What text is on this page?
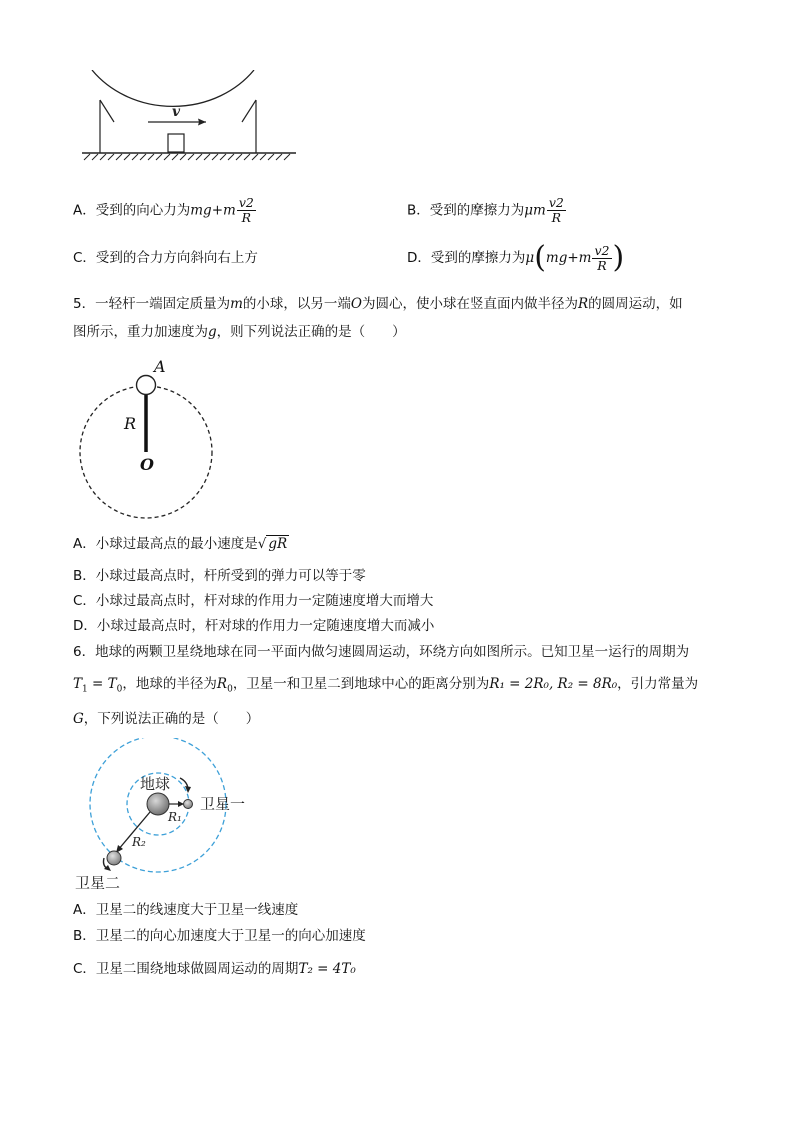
v
A．受到的向心力为$mg+m \frac{v2}{R}$	B．受到的摩擦力为μm $\frac{v2}{R}$
C．受到的合力方向斜向右上方	D．受到的摩擦力为$\mu(mg+m \frac{v2}{R}$ )
5．一轻杆一端固定质量为m的小球，以另一端O为圆心，使小球在竖直面内做半径为R的圆周运动，如
图所示，重力加速度为g，则下列说法正确的是（　　）
A
R
O
A．小球过最高点的最小速度是√ gR
B．小球过最高点时，杆所受到的弹力可以等于零
C．小球过最高点时，杆对球的作用力一定随速度增大而增大
D．小球过最高点时，杆对球的作用力一定随速度增大而减小
6．地球的两颗卫星绕地球在同一平面内做匀速圆周运动，环绕方向如图所示。已知卫星一运行的周期为
$T_1 = T_0$，地球的半径为$R_0$，卫星一和卫星二到地球中心的距离分别为R₁ = 2R₀, R₂ = 8R₀，引力常量为
G，下列说法正确的是（　　）
地球
卫星一
R₁
R₂
卫星二
A．卫星二的线速度大于卫星一线速度
B．卫星二的向心加速度大于卫星一的向心加速度
C．卫星二围绕地球做圆周运动的周期T₂ = 4T₀
